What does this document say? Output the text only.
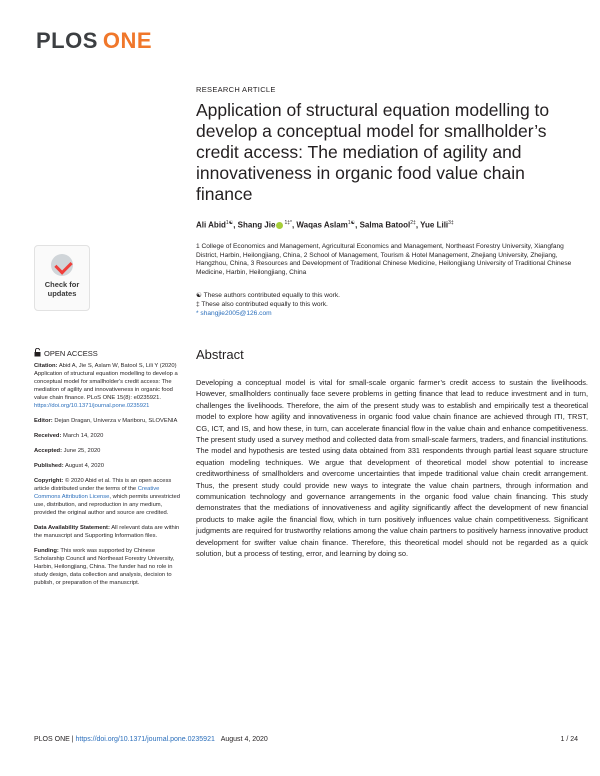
PLOS ONE
RESEARCH ARTICLE
Application of structural equation modelling to develop a conceptual model for smallholder’s credit access: The mediation of agility and innovativeness in organic food value chain finance
Ali Abid$^{1☯}$, Shang Jie $^{1\ddagger*}$, Waqas Aslam$^{1☯}$, Salma Batool$^{2\ddagger}$, Yue Lili$^{3\ddagger}$
1 College of Economics and Management, Agricultural Economics and Management, Northeast Forestry University, Xiangfang District, Harbin, Heilongjiang, China, 2 School of Management, Tourism & Hotel Management, Zhejiang University, Zhejiang, Hangzhou, China, 3 Resources and Development of Traditional Chinese Medicine, Heilongjiang University of Traditional Chinese Medicine, Harbin, Heilongjiang, China
☯ These authors contributed equally to this work.
‡ These also contributed equally to this work.
* shangjie2005@126.com
Check for
updates
OPEN ACCESS

Citation: Abid A, Jie S, Aslam W, Batool S, Lili Y (2020) Application of structural equation modelling to develop a conceptual model for smallholder's credit access: The mediation of agility and innovativeness in organic food value chain finance. PLoS ONE 15(8): e0235921. https://doi.org/10.1371/journal.pone.0235921

Editor: Dejan Dragan, Univerza v Mariboru, SLOVENIA

Received: March 14, 2020

Accepted: June 25, 2020

Published: August 4, 2020

Copyright: © 2020 Abid et al. This is an open access article distributed under the terms of the Creative Commons Attribution License, which permits unrestricted use, distribution, and reproduction in any medium, provided the original author and source are credited.

Data Availability Statement: All relevant data are within the manuscript and Supporting Information files.

Funding: This work was supported by Chinese Scholarship Council and Northeast Forestry University, Harbin, Heilongjiang, China. The funder had no role in study design, data collection and analysis, decision to publish, or preparation of the manuscript.

Abstract
Developing a conceptual model is vital for small-scale organic farmer’s credit access to sustain the livelihoods. However, smallholders continually face severe problems in getting finance that lead to reduce investment and in turn, challenges the livelihoods. Therefore, the aim of the present study was to establish and empirically test a theoretical model to explore how agility and innovativeness in organic food value chain finance are achieved through ITI, TRST, CG, ICT, and IS, and how these, in turn, can accelerate financial flow in the value chain and enhance competitiveness. The present study used a survey method and collected data from small-scale farmers, traders, and financial institutions. The model and hypothesis are tested using data obtained from 331 respondents through partial least square structure equation modeling techniques. We argue that development of theoretical model show potential to increase creditworthiness of smallholders and overcome uncertainties that impede traditional value chain credit arrangement. Thus, the present study could provide new ways to integrate the value chain partners, through information and communication technology and governance arrangements in the organic food value chain financing. This study demonstrates that the mediations of innovativeness and agility significantly affect the development of new financial products to make agile the financial flow, which in turn positively influences value chain competitiveness. Significant judgments are required for trustworthy relations among the value chain partners to positively harness innovative product development for swifter value chain finance. Therefore, this theoretical model should not be regarded as a quick solution, but a process of testing, error, and learning by doing so.
PLOS ONE | https://doi.org/10.1371/journal.pone.0235921 August 4, 2020	1 / 24
